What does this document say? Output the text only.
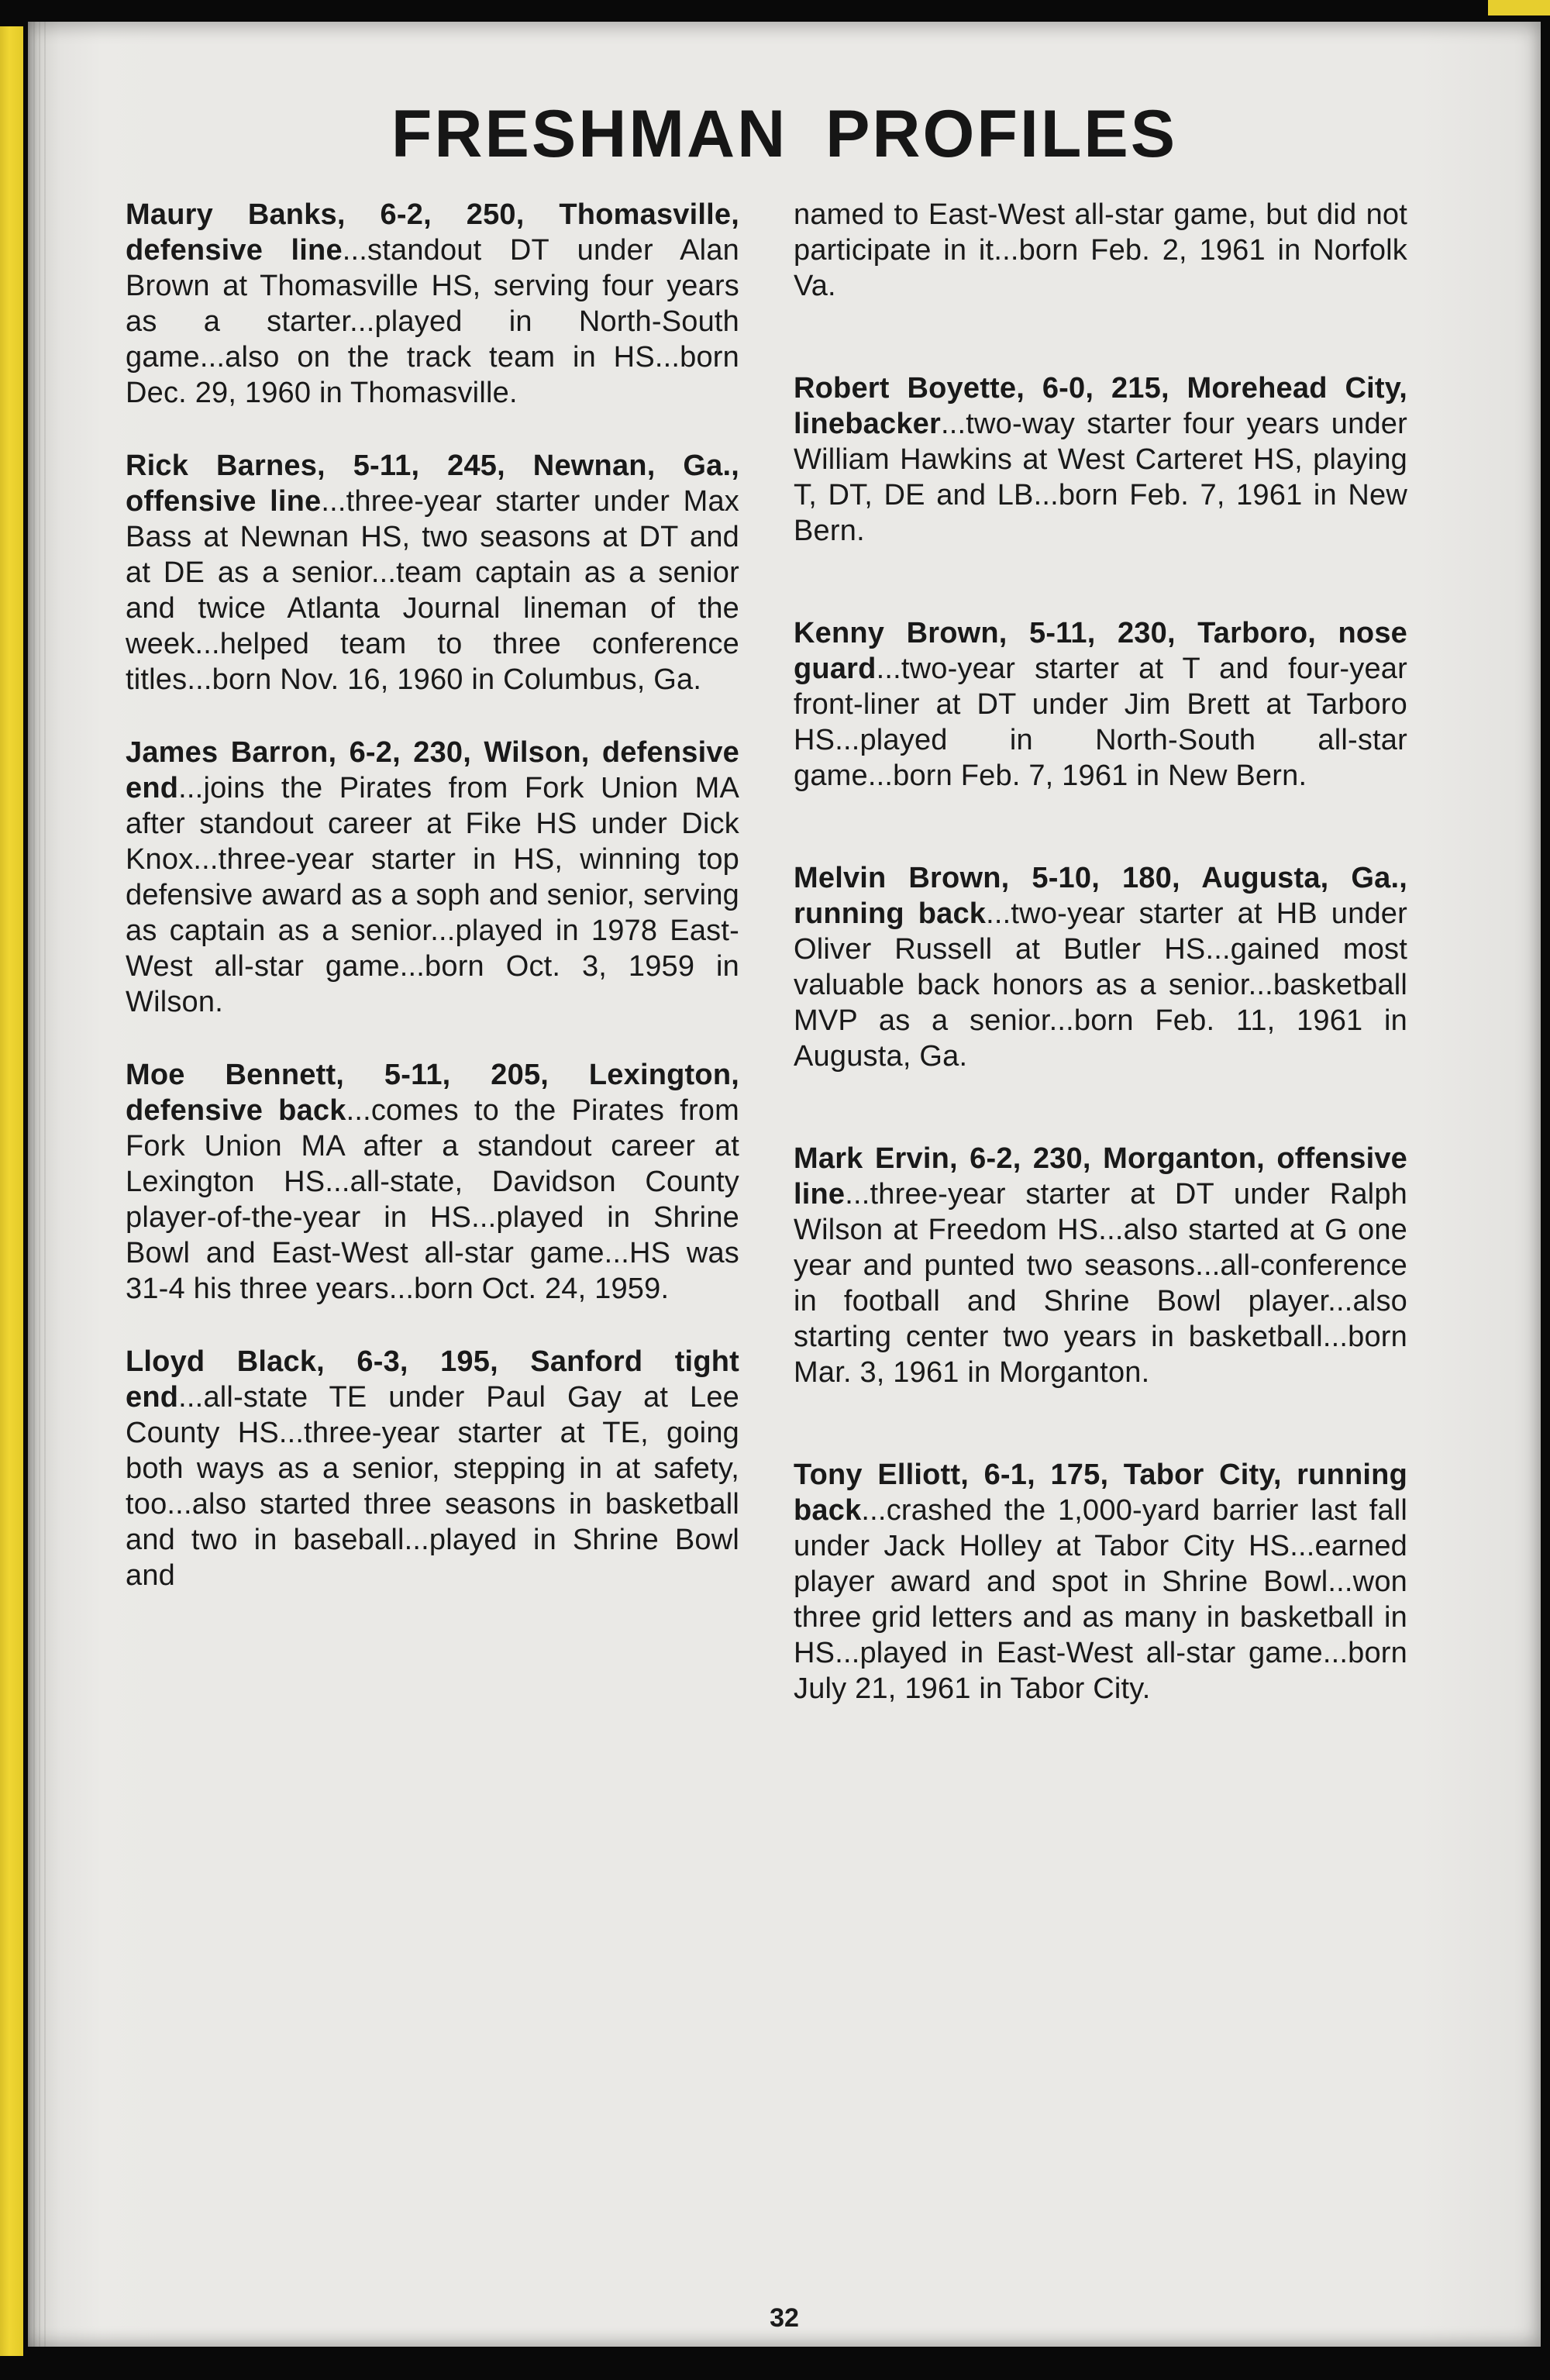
FRESHMAN PROFILES

Maury Banks, 6-2, 250, Thomasville, defensive line...standout DT under Alan Brown at Thomasville HS, serving four years as a starter...played in North-South game...also on the track team in HS...born Dec. 29, 1960 in Thomasville.

Rick Barnes, 5-11, 245, Newnan, Ga., offensive line...three-year starter under Max Bass at Newnan HS, two seasons at DT and at DE as a senior...team captain as a senior and twice Atlanta Journal lineman of the week...helped team to three conference titles...born Nov. 16, 1960 in Columbus, Ga.

James Barron, 6-2, 230, Wilson, defensive end...joins the Pirates from Fork Union MA after standout career at Fike HS under Dick Knox...three-year starter in HS, winning top defensive award as a soph and senior, serving as captain as a senior...played in 1978 East-West all-star game...born Oct. 3, 1959 in Wilson.

Moe Bennett, 5-11, 205, Lexington, defensive back...comes to the Pirates from Fork Union MA after a standout career at Lexington HS...all-state, Davidson County player-of-the-year in HS...played in Shrine Bowl and East-West all-star game...HS was 31-4 his three years...born Oct. 24, 1959.

Lloyd Black, 6-3, 195, Sanford tight end...all-state TE under Paul Gay at Lee County HS...three-year starter at TE, going both ways as a senior, stepping in at safety, too...also started three seasons in basketball and two in baseball...played in Shrine Bowl and

named to East-West all-star game, but did not participate in it...born Feb. 2, 1961 in Norfolk Va.

Robert Boyette, 6-0, 215, Morehead City, linebacker...two-way starter four years under William Hawkins at West Carteret HS, playing T, DT, DE and LB...born Feb. 7, 1961 in New Bern.

Kenny Brown, 5-11, 230, Tarboro, nose guard...two-year starter at T and four-year front-liner at DT under Jim Brett at Tarboro HS...played in North-South all-star game...born Feb. 7, 1961 in New Bern.

Melvin Brown, 5-10, 180, Augusta, Ga., running back...two-year starter at HB under Oliver Russell at Butler HS...gained most valuable back honors as a senior...basketball MVP as a senior...born Feb. 11, 1961 in Augusta, Ga.

Mark Ervin, 6-2, 230, Morganton, offensive line...three-year starter at DT under Ralph Wilson at Freedom HS...also started at G one year and punted two seasons...all-conference in football and Shrine Bowl player...also starting center two years in basketball...born Mar. 3, 1961 in Morganton.

Tony Elliott, 6-1, 175, Tabor City, running back...crashed the 1,000-yard barrier last fall under Jack Holley at Tabor City HS...earned player award and spot in Shrine Bowl...won three grid letters and as many in basketball in HS...played in East-West all-star game...born July 21, 1961 in Tabor City.

32
